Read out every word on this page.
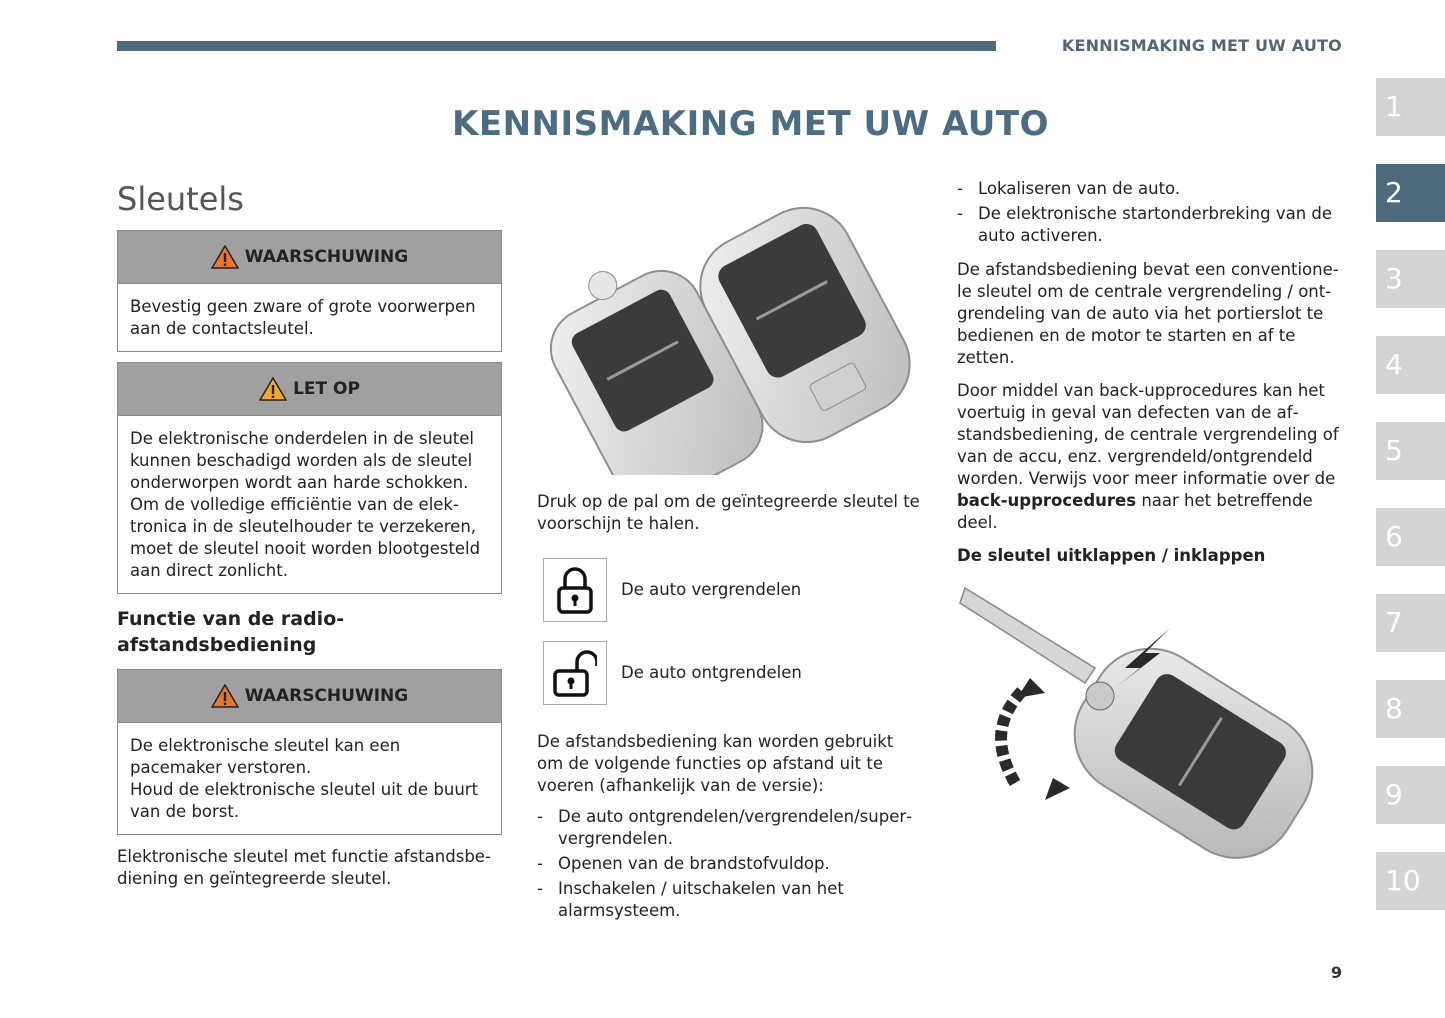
KENNISMAKING MET UW AUTO
KENNISMAKING MET UW AUTO	1
2
3
4
5
6
7
8
9
10
Sleutels
WAARSCHUWING
Bevestig geen zware of grote voorwerpen aan de contactsleutel.
LET OP
De elektronische onderdelen in de sleutel kunnen beschadigd worden als de sleutel onderworpen wordt aan harde schokken. Om de volledige efficiëntie van de elektronica in de sleutelhouder te verzekeren, moet de sleutel nooit worden blootgesteld aan direct zonlicht.
Functie van de radio-afstandsbediening
WAARSCHUWING
De elektronische sleutel kan een pacemaker verstoren.
Houd de elektronische sleutel uit de buurt van de borst.
Elektronische sleutel met functie afstandsbediening en geïntegreerde sleutel.
Druk op de pal om de geïntegreerde sleutel te voorschijn te halen.
De auto vergrendelen
De auto ontgrendelen
De afstandsbediening kan worden gebruikt om de volgende functies op afstand uit te voeren (afhankelijk van de versie):
- De auto ontgrendelen/vergrendelen/supervergrendelen.
- Openen van de brandstofvuldop.
- Inschakelen / uitschakelen van het alarmsysteem.
- Lokaliseren van de auto.
- De elektronische startonderbreking van de auto activeren.
De afstandsbediening bevat een conventionele sleutel om de centrale vergrendeling / ontgrendeling van de auto via het portierslot te bedienen en de motor te starten en af te zetten.
Door middel van back-upprocedures kan het voertuig in geval van defecten van de afstandsbediening, de centrale vergrendeling of van de accu, enz. vergrendeld/ontgrendeld worden. Verwijs voor meer informatie over de back-upprocedures naar het betreffende deel.
De sleutel uitklappen / inklappen
9
